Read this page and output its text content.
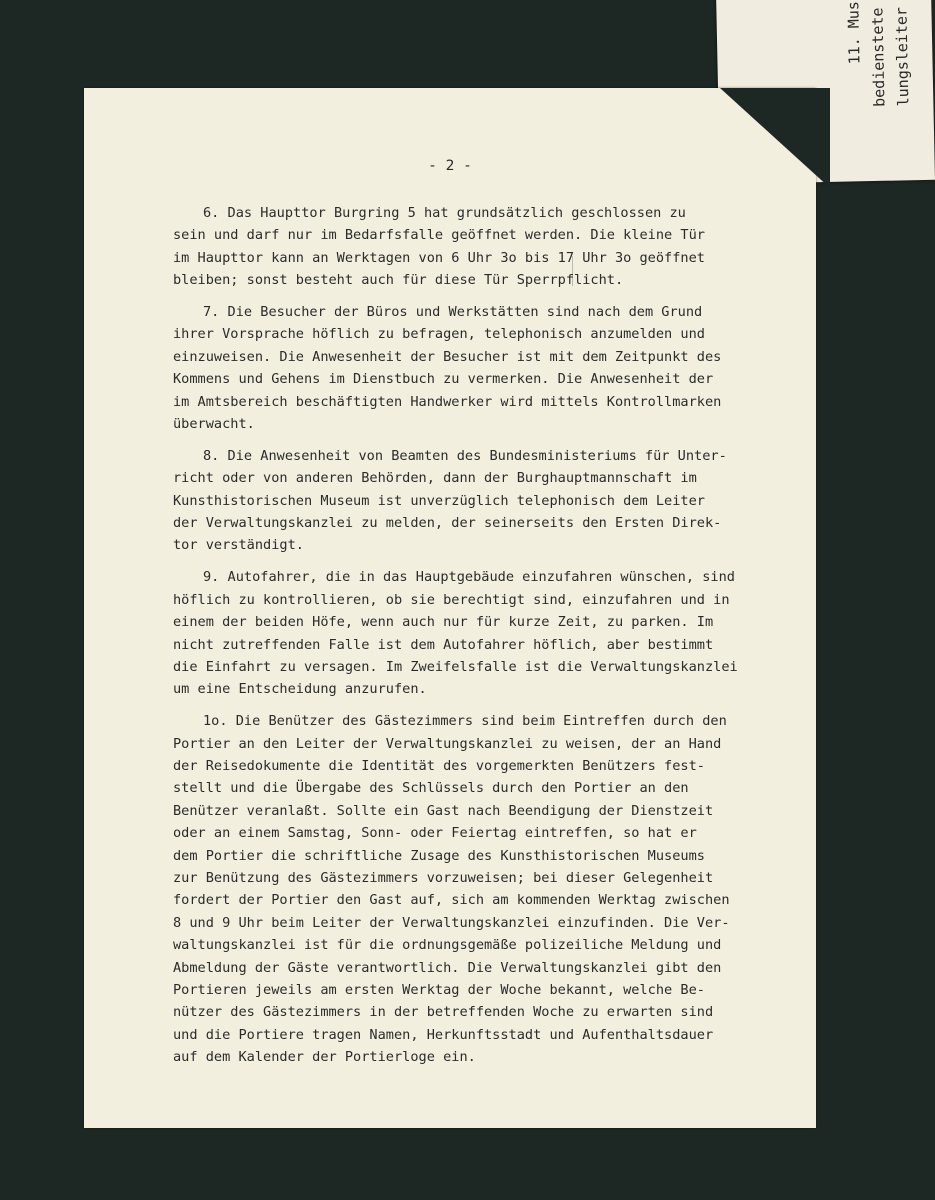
11. Mus bedienstete lungsleiter
- 2 -
6. Das Haupttor Burgring 5 hat grundsätzlich geschlossen zu
sein und darf nur im Bedarfsfalle geöffnet werden. Die kleine Tür
im Haupttor kann an Werktagen von 6 Uhr 3o bis 17 Uhr 3o geöffnet
bleiben; sonst besteht auch für diese Tür Sperrpflicht.
7. Die Besucher der Büros und Werkstätten sind nach dem Grund
ihrer Vorsprache höflich zu befragen, telephonisch anzumelden und
einzuweisen. Die Anwesenheit der Besucher ist mit dem Zeitpunkt des
Kommens und Gehens im Dienstbuch zu vermerken. Die Anwesenheit der
im Amtsbereich beschäftigten Handwerker wird mittels Kontrollmarken
überwacht.
8. Die Anwesenheit von Beamten des Bundesministeriums für Unter-
richt oder von anderen Behörden, dann der Burghauptmannschaft im
Kunsthistorischen Museum ist unverzüglich telephonisch dem Leiter
der Verwaltungskanzlei zu melden, der seinerseits den Ersten Direk-
tor verständigt.
9. Autofahrer, die in das Hauptgebäude einzufahren wünschen, sind
höflich zu kontrollieren, ob sie berechtigt sind, einzufahren und in
einem der beiden Höfe, wenn auch nur für kurze Zeit, zu parken. Im
nicht zutreffenden Falle ist dem Autofahrer höflich, aber bestimmt
die Einfahrt zu versagen. Im Zweifelsfalle ist die Verwaltungskanzlei
um eine Entscheidung anzurufen.
1o. Die Benützer des Gästezimmers sind beim Eintreffen durch den
Portier an den Leiter der Verwaltungskanzlei zu weisen, der an Hand
der Reisedokumente die Identität des vorgemerkten Benützers fest-
stellt und die Übergabe des Schlüssels durch den Portier an den
Benützer veranlaßt. Sollte ein Gast nach Beendigung der Dienstzeit
oder an einem Samstag, Sonn- oder Feiertag eintreffen, so hat er
dem Portier die schriftliche Zusage des Kunsthistorischen Museums
zur Benützung des Gästezimmers vorzuweisen; bei dieser Gelegenheit
fordert der Portier den Gast auf, sich am kommenden Werktag zwischen
8 und 9 Uhr beim Leiter der Verwaltungskanzlei einzufinden. Die Ver-
waltungskanzlei ist für die ordnungsgemäße polizeiliche Meldung und
Abmeldung der Gäste verantwortlich. Die Verwaltungskanzlei gibt den
Portieren jeweils am ersten Werktag der Woche bekannt, welche Be-
nützer des Gästezimmers in der betreffenden Woche zu erwarten sind
und die Portiere tragen Namen, Herkunftsstadt und Aufenthaltsdauer
auf dem Kalender der Portierloge ein.
